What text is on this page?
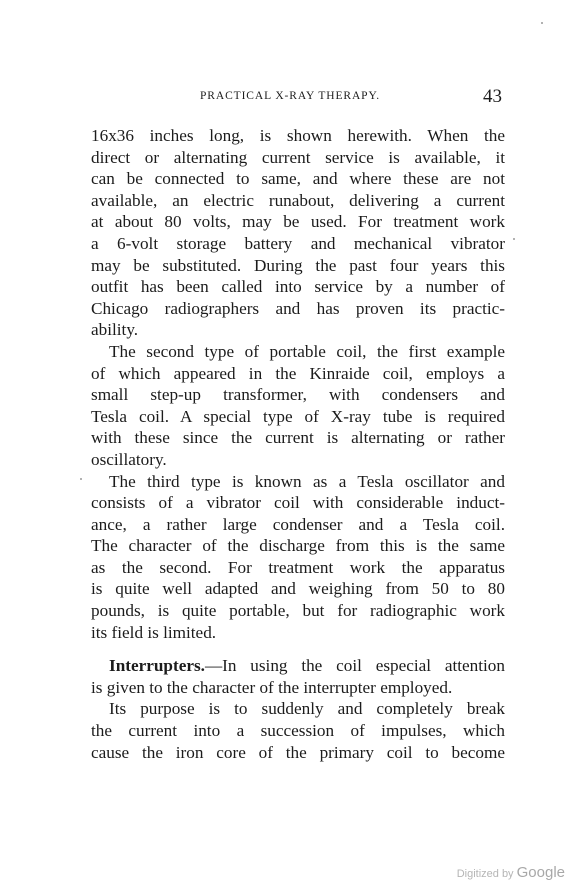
PRACTICAL X-RAY THERAPY.	43
16x36 inches long, is shown herewith. When the
direct or alternating current service is available, it
can be connected to same, and where these are not
available, an electric runabout, delivering a current
at about 80 volts, may be used. For treatment work
a 6-volt storage battery and mechanical vibrator
may be substituted. During the past four years this
outfit has been called into service by a number of
Chicago radiographers and has proven its practic-
ability.
The second type of portable coil, the first example
of which appeared in the Kinraide coil, employs a
small step-up transformer, with condensers and
Tesla coil. A special type of X-ray tube is required
with these since the current is alternating or rather
oscillatory.
The third type is known as a Tesla oscillator and
consists of a vibrator coil with considerable induct-
ance, a rather large condenser and a Tesla coil.
The character of the discharge from this is the same
as the second. For treatment work the apparatus
is quite well adapted and weighing from 50 to 80
pounds, is quite portable, but for radiographic work
its field is limited.
Interrupters.—In using the coil especial attention
is given to the character of the interrupter employed.
Its purpose is to suddenly and completely break
the current into a succession of impulses, which
cause the iron core of the primary coil to become
Digitized by Google
